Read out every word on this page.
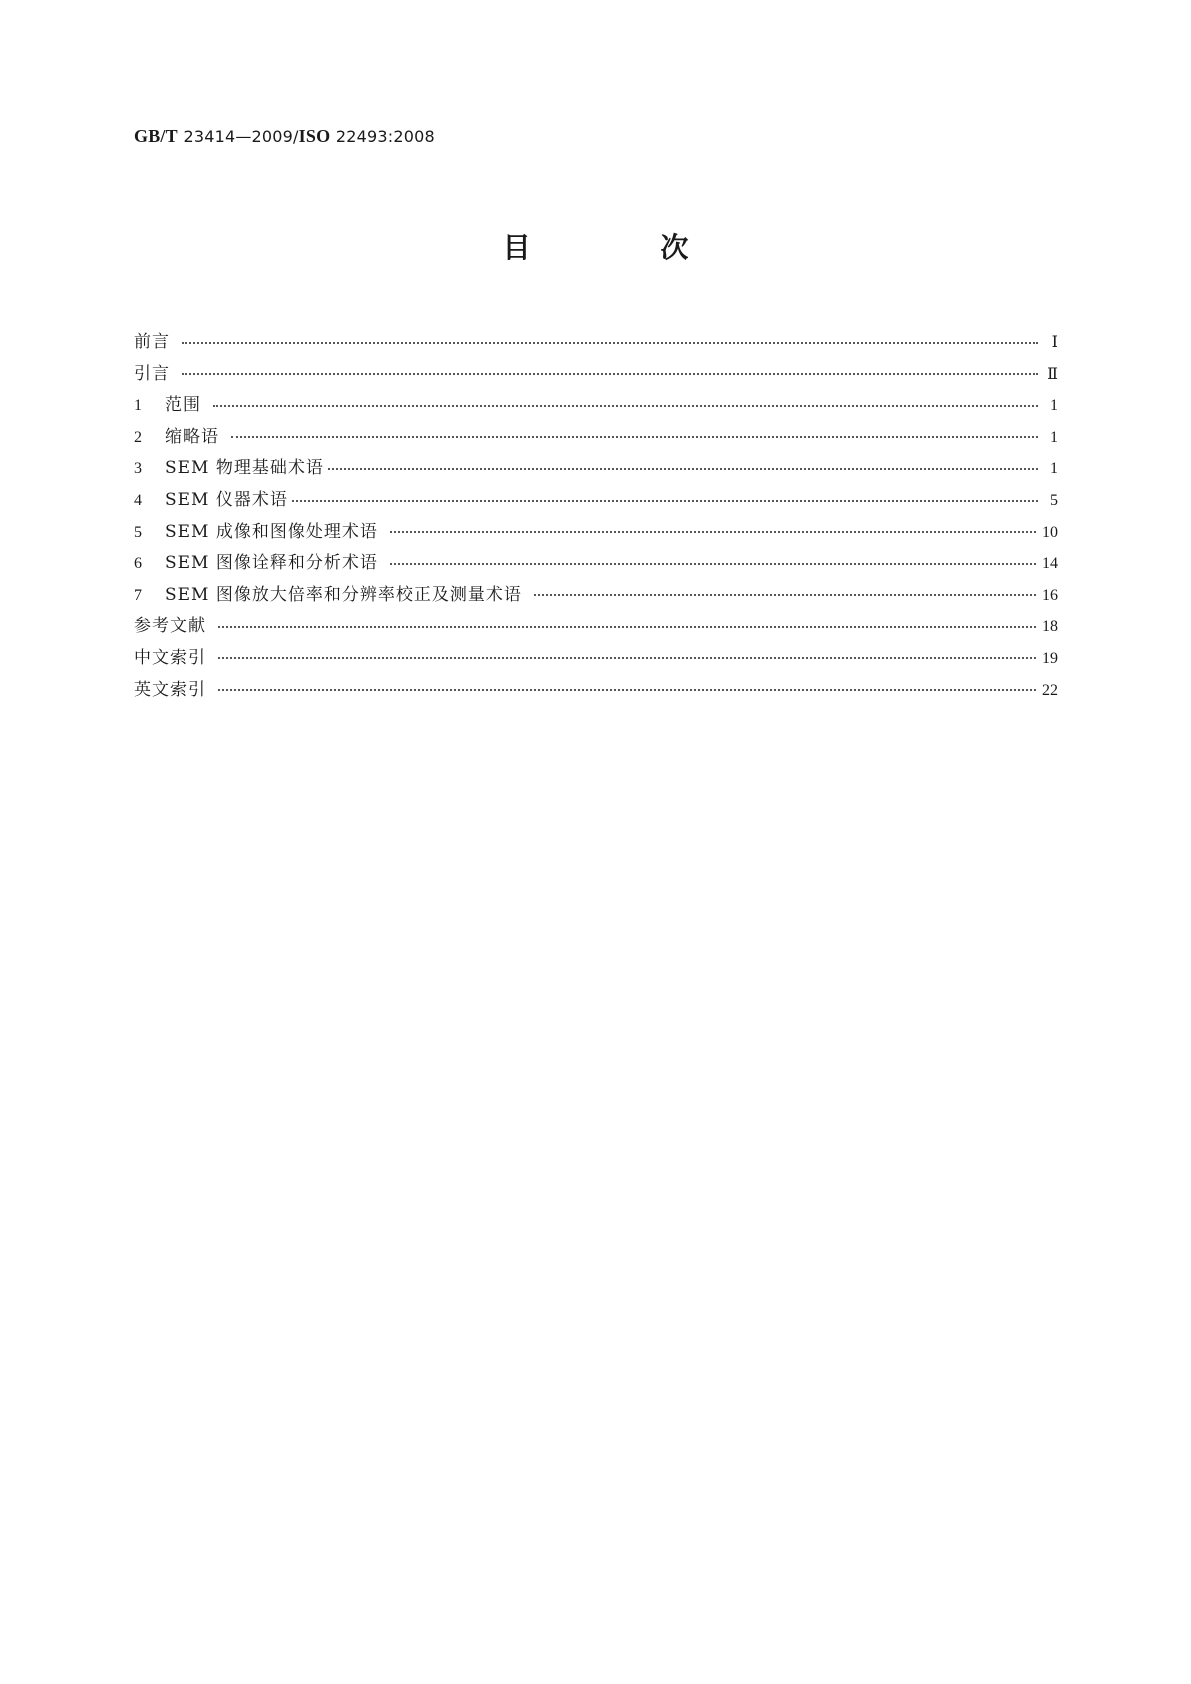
GB/T 23414—2009/ISO 22493:2008
目 次
前言	Ⅰ
引言	Ⅱ
1	范围	1
2	缩略语	1
3	SEM 物理基础术语	1
4	SEM 仪器术语	5
5	SEM 成像和图像处理术语	10
6	SEM 图像诠释和分析术语	14
7	SEM 图像放大倍率和分辨率校正及测量术语	16
参考文献	18
中文索引	19
英文索引	22
